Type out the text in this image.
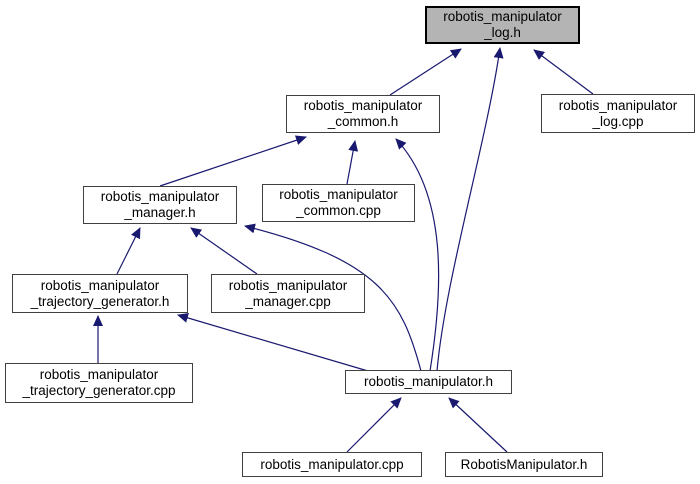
robotis_manipulator
_log.h
robotis_manipulator
_common.h
robotis_manipulator
_log.cpp
robotis_manipulator
_manager.h
robotis_manipulator
_common.cpp
robotis_manipulator
_trajectory_generator.h
robotis_manipulator
_manager.cpp
robotis_manipulator
_trajectory_generator.cpp
robotis_manipulator.h
robotis_manipulator.cpp	RobotisManipulator.h
